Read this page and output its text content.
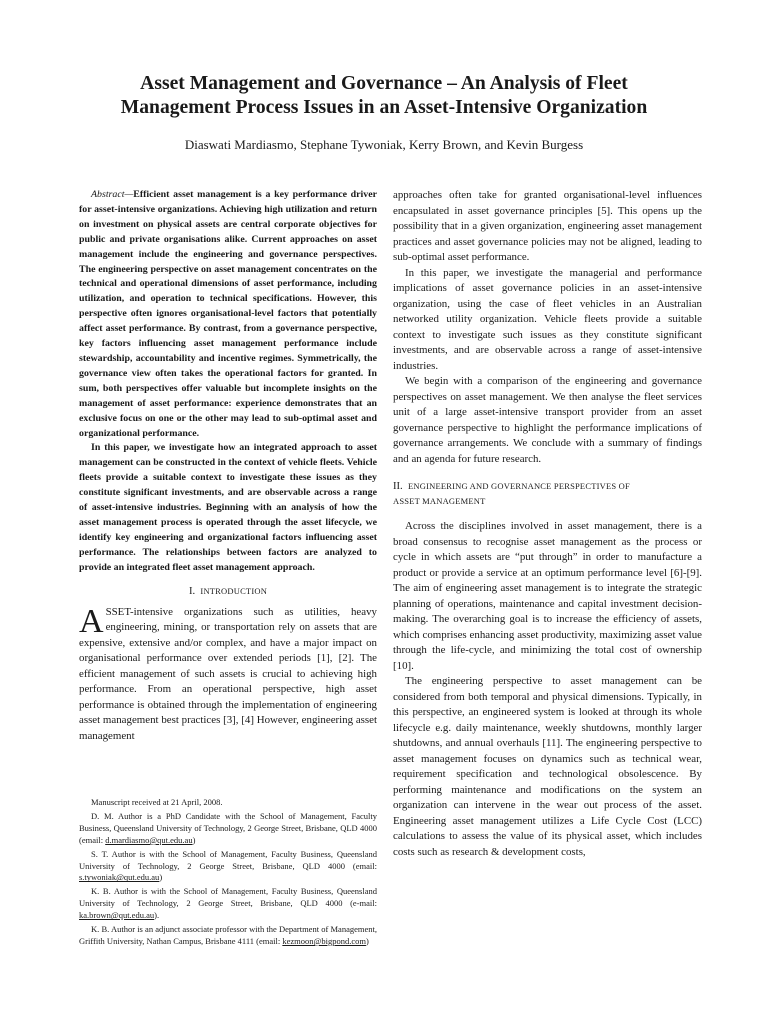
Asset Management and Governance – An Analysis of Fleet
Management Process Issues in an Asset-Intensive Organization

Diaswati Mardiasmo, Stephane Tywoniak, Kerry Brown, and Kevin Burgess

Abstract—Efficient asset management is a key performance driver for asset-intensive organizations. Achieving high utilization and return on investment on physical assets are central corporate objectives for public and private organisations alike. Current approaches on asset management include the engineering and governance perspectives. The engineering perspective on asset management concentrates on the technical and operational dimensions of asset performance, including utilization, and operation to technical specifications. However, this perspective often ignores organisational-level factors that potentially affect asset performance. By contrast, from a governance perspective, key factors influencing asset management performance include stewardship, accountability and incentive regimes. Symmetrically, the governance view often takes the operational factors for granted. In sum, both perspectives offer valuable but incomplete insights on the management of asset performance: experience demonstrates that an exclusive focus on one or the other may lead to sub-optimal asset and organizational performance.

In this paper, we investigate how an integrated approach to asset management can be constructed in the context of vehicle fleets. Vehicle fleets provide a suitable context to investigate these issues as they constitute significant investments, and are observable across a range of asset-intensive industries. Beginning with an analysis of how the asset management process is operated through the asset lifecycle, we identify key engineering and organizational factors influencing asset performance. The relationships between factors are analyzed to provide an integrated fleet asset management approach.

I. INTRODUCTION

ASSET-intensive organizations such as utilities, heavy engineering, mining, or transportation rely on assets that are expensive, extensive and/or complex, and have a major impact on organisational performance over extended periods [1], [2]. The efficient management of such assets is crucial to achieving high performance. From an operational perspective, high asset performance is obtained through the implementation of engineering asset management best practices [3], [4] However, engineering asset management

Manuscript received at 21 April, 2008.

D. M. Author is a PhD Candidate with the School of Management, Faculty Business, Queensland University of Technology, 2 George Street, Brisbane, QLD 4000 (email: d.mardiasmo@qut.edu.au)

S. T. Author is with the School of Management, Faculty Business, Queensland University of Technology, 2 George Street, Brisbane, QLD 4000 (email: s.tywoniak@qut.edu.au)

K. B. Author is with the School of Management, Faculty Business, Queensland University of Technology, 2 George Street, Brisbane, QLD 4000 (e-mail: ka.brown@qut.edu.au).

K. B. Author is an adjunct associate professor with the Department of Management, Griffith University, Nathan Campus, Brisbane 4111 (email: kezmoon@bigpond.com)

approaches often take for granted organisational-level influences encapsulated in asset governance principles [5]. This opens up the possibility that in a given organization, engineering asset management practices and asset governance policies may not be aligned, leading to sub-optimal asset performance.

In this paper, we investigate the managerial and performance implications of asset governance policies in an asset-intensive organization, using the case of fleet vehicles in an Australian networked utility organization. Vehicle fleets provide a suitable context to investigate such issues as they constitute significant investments, and are observable across a range of asset-intensive industries.

We begin with a comparison of the engineering and governance perspectives on asset management. We then analyse the fleet services unit of a large asset-intensive transport provider from an asset governance perspective to highlight the performance implications of governance arrangements. We conclude with a summary of findings and an agenda for future research.

II. ENGINEERING AND GOVERNANCE PERSPECTIVES OF
ASSET MANAGEMENT

Across the disciplines involved in asset management, there is a broad consensus to recognise asset management as the process or cycle in which assets are “put through” in order to manufacture a product or provide a service at an optimum performance level [6]-[9]. The aim of engineering asset management is to integrate the strategic planning of operations, maintenance and capital investment decision-making. The overarching goal is to increase the efficiency of assets, which comprises enhancing asset productivity, maximizing asset value through the life-cycle, and minimizing the total cost of ownership [10].

The engineering perspective to asset management can be considered from both temporal and physical dimensions. Typically, in this perspective, an engineered system is looked at through its whole lifecycle e.g. daily maintenance, weekly shutdowns, monthly larger shutdowns, and annual overhauls [11]. The engineering perspective to asset management focuses on dynamics such as technical wear, requirement specification and technological obsolescence. By performing maintenance and modifications on the system an organization can intervene in the wear out process of the asset. Engineering asset management utilizes a Life Cycle Cost (LCC) calculations to assess the value of its physical asset, which includes costs such as research & development costs,
